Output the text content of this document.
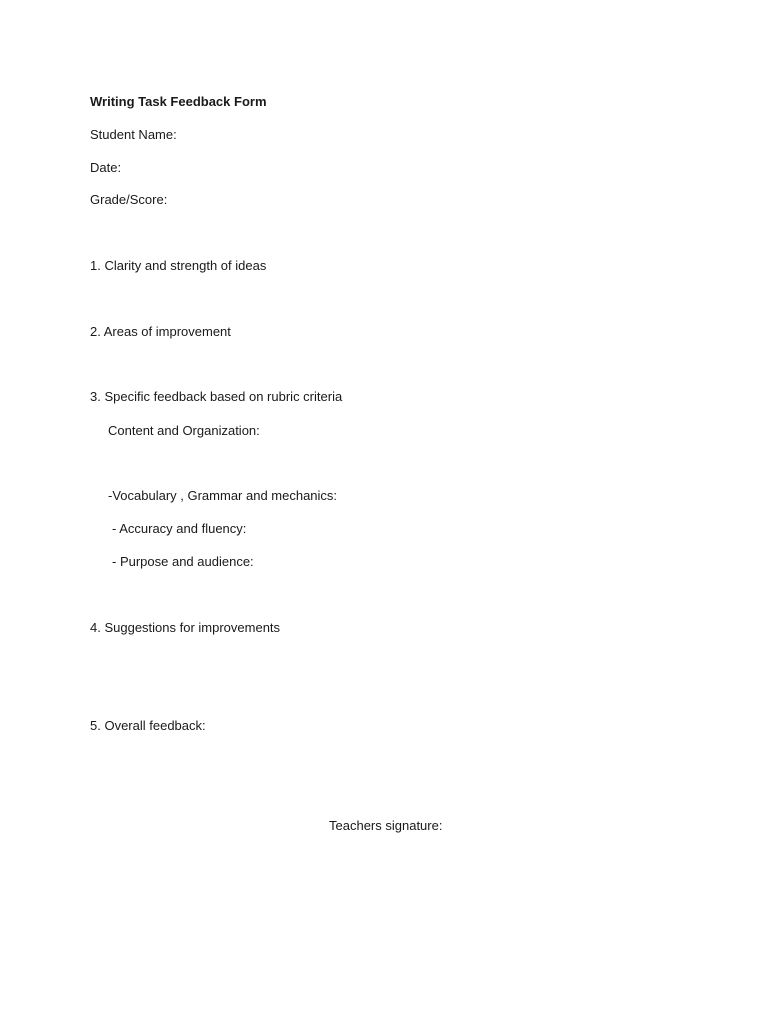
Writing Task Feedback Form
Student Name:
Date:
Grade/Score:
1. Clarity and strength of ideas
2. Areas of improvement
3. Specific feedback based on rubric criteria
Content and Organization:
-Vocabulary , Grammar and mechanics:
- Accuracy and fluency:
- Purpose and audience:
4. Suggestions for improvements
5. Overall feedback:
Teachers signature:
